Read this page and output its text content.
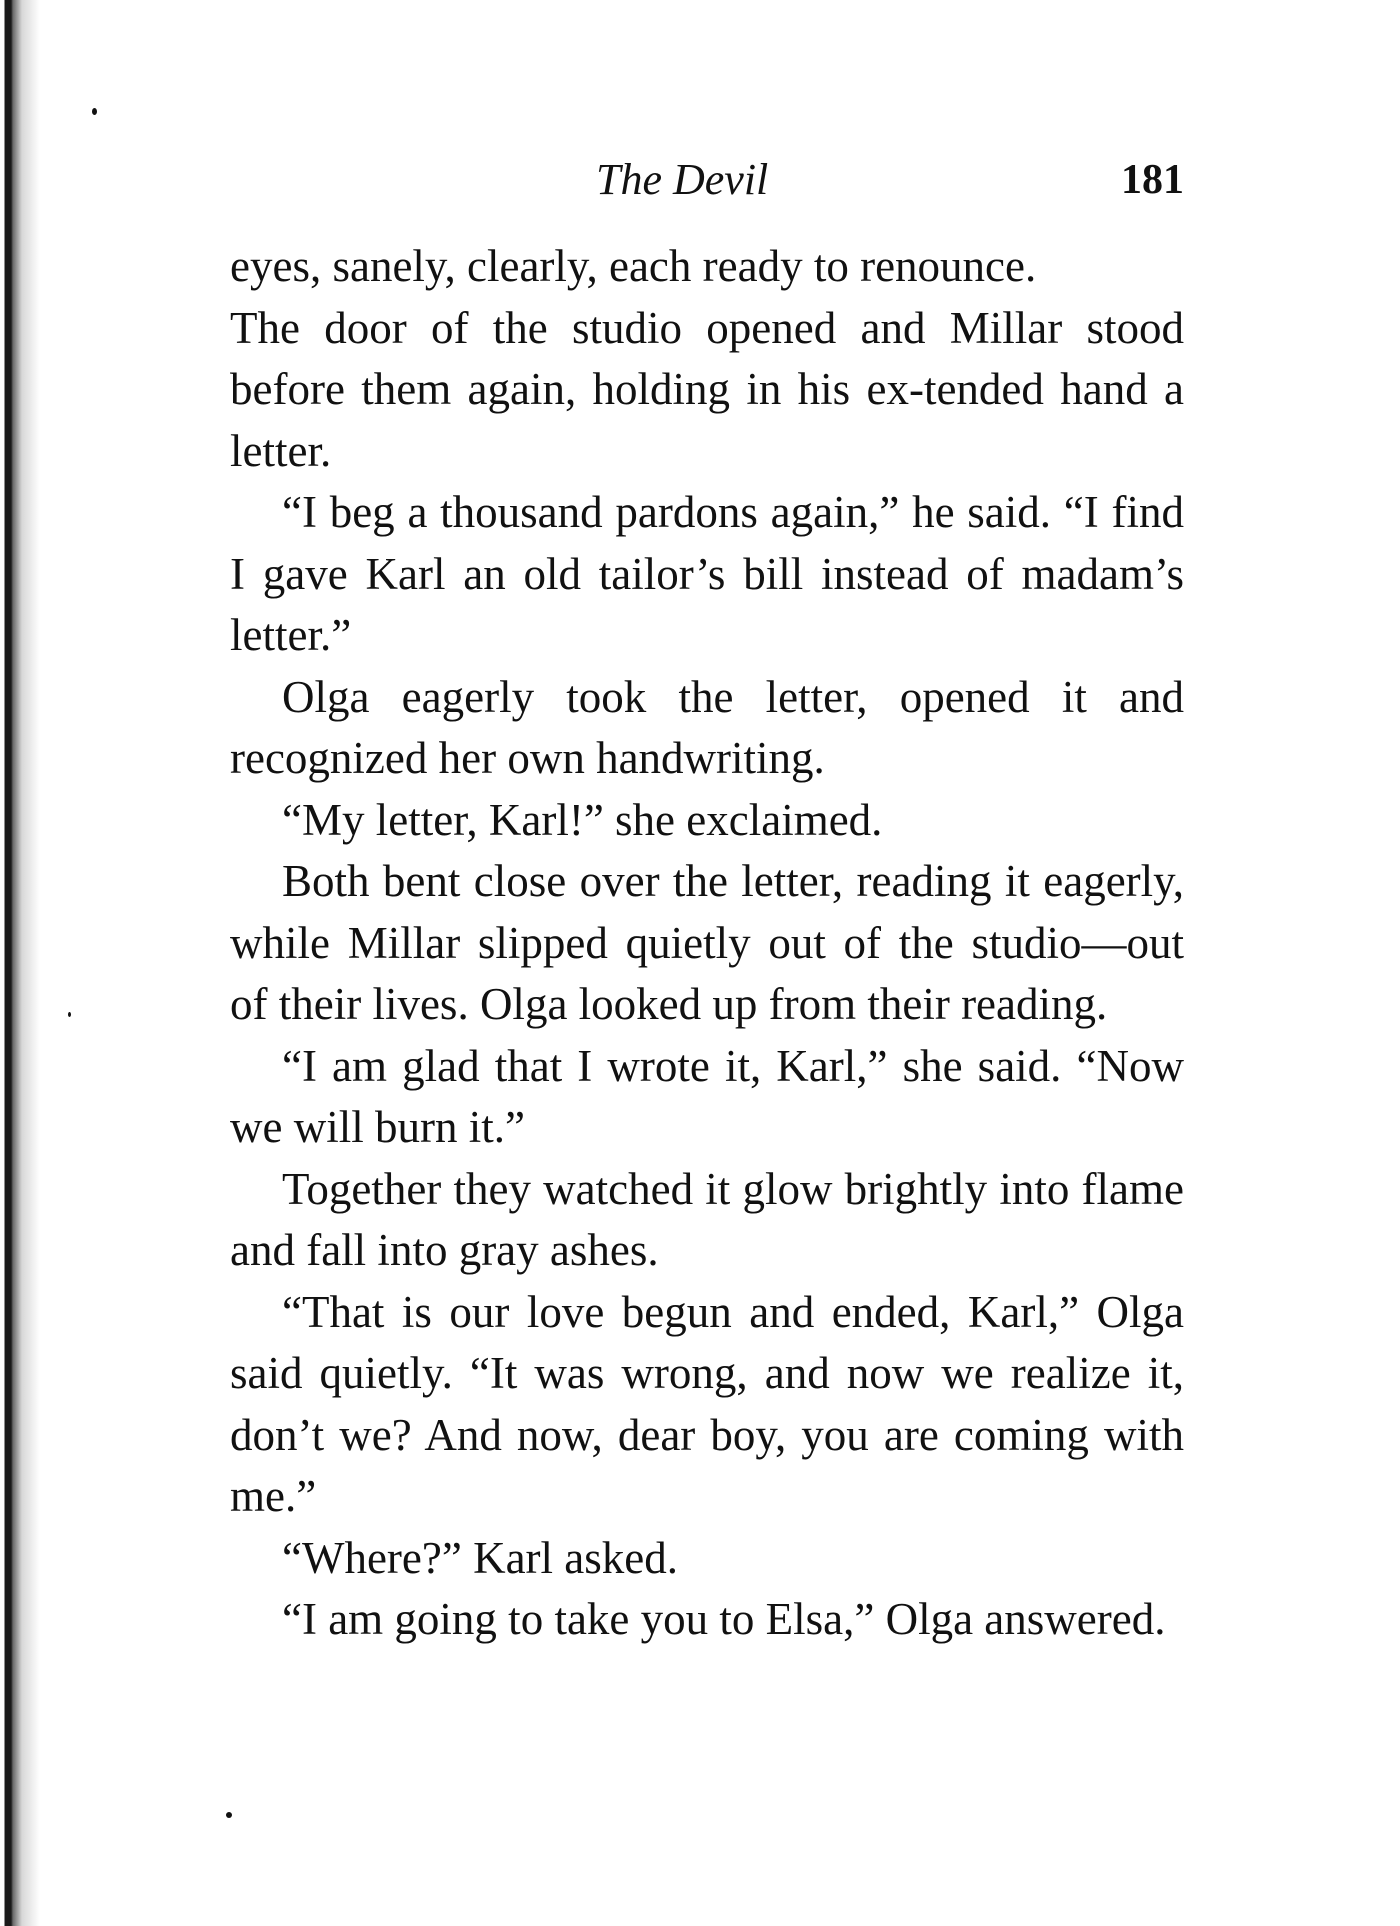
The Devil	181

eyes, sanely, clearly, each ready to renounce.

The door of the studio opened and Millar stood before them again, holding in his ex-tended hand a letter.

“I beg a thousand pardons again,” he said. “I find I gave Karl an old tailor’s bill instead of madam’s letter.”

Olga eagerly took the letter, opened it and recognized her own handwriting.

“My letter, Karl!” she exclaimed.

Both bent close over the letter, reading it eagerly, while Millar slipped quietly out of the studio—out of their lives. Olga looked up from their reading.

“I am glad that I wrote it, Karl,” she said. “Now we will burn it.”

Together they watched it glow brightly into flame and fall into gray ashes.

“That is our love begun and ended, Karl,” Olga said quietly. “It was wrong, and now we realize it, don’t we? And now, dear boy, you are coming with me.”

“Where?” Karl asked.

“I am going to take you to Elsa,” Olga answered.
